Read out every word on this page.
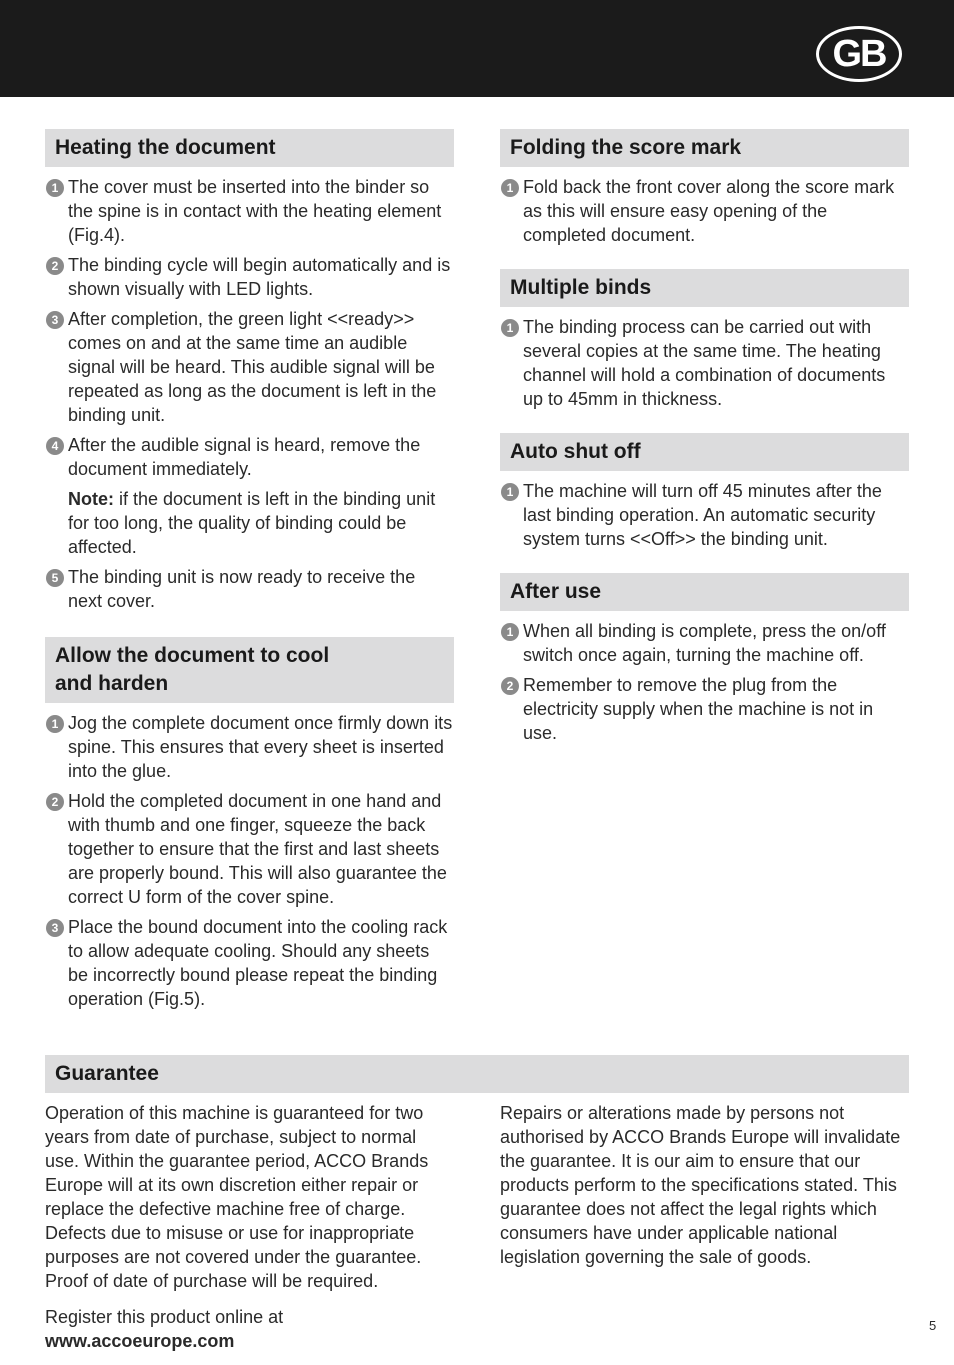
GB
Heating the document
1 The cover must be inserted into the binder so the spine is in contact with the heating element (Fig.4).
2 The binding cycle will begin automatically and is shown visually with LED lights.
3 After completion, the green light <<ready>> comes on and at the same time an audible signal will be heard. This audible signal will be repeated as long as the document is left in the binding unit.
4 After the audible signal is heard, remove the document immediately.

Note: if the document is left in the binding unit for too long, the quality of binding could be affected.

5 The binding unit is now ready to receive the next cover.
Allow the document to cool
and harden
1 Jog the complete document once firmly down its spine. This ensures that every sheet is inserted into the glue.
2 Hold the completed document in one hand and with thumb and one finger, squeeze the back together to ensure that the first and last sheets are properly bound. This will also guarantee the correct U form of the cover spine.
3 Place the bound document into the cooling rack to allow adequate cooling. Should any sheets be incorrectly bound please repeat the binding operation (Fig.5).
Folding the score mark
1 Fold back the front cover along the score mark as this will ensure easy opening of the completed document.
Multiple binds
1 The binding process can be carried out with several copies at the same time. The heating channel will hold a combination of documents up to 45mm in thickness.
Auto shut off
1 The machine will turn off 45 minutes after the last binding operation. An automatic security system turns <<Off>> the binding unit.
After use
1 When all binding is complete, press the on/off switch once again, turning the machine off.
2 Remember to remove the plug from the electricity supply when the machine is not in use.
Guarantee

Operation of this machine is guaranteed for two years from date of purchase, subject to normal use. Within the guarantee period, ACCO Brands Europe will at its own discretion either repair or replace the defective machine free of charge. Defects due to misuse or use for inappropriate purposes are not covered under the guarantee. Proof of date of purchase will be required.

Register this product online at www.accoeurope.com

Repairs or alterations made by persons not authorised by ACCO Brands Europe will invalidate the guarantee. It is our aim to ensure that our products perform to the specifications stated. This guarantee does not affect the legal rights which consumers have under applicable national legislation governing the sale of goods.

5
